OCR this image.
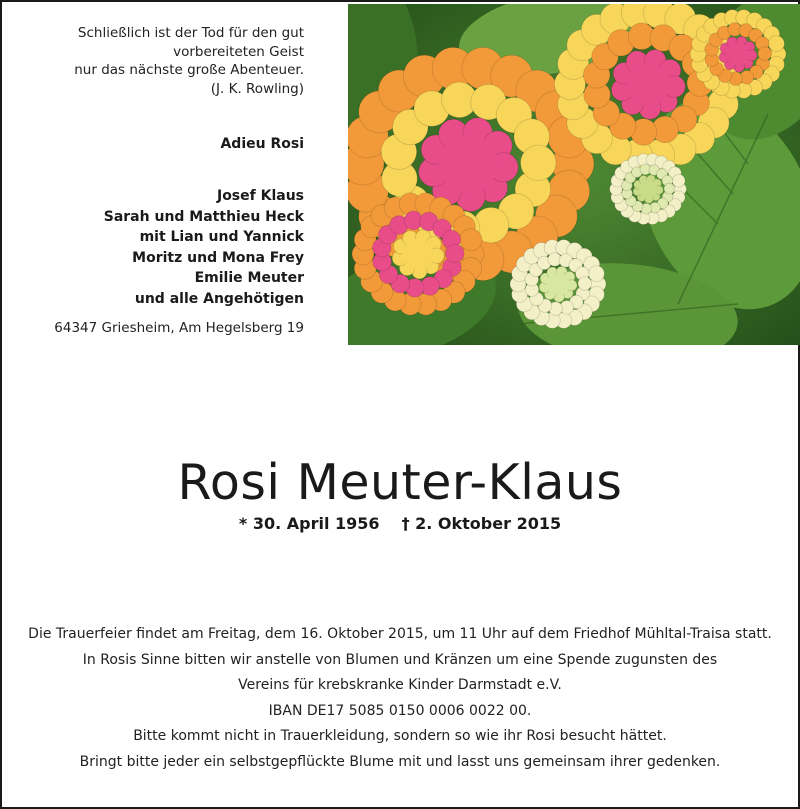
Schließlich ist der Tod für den gut
vorbereiteten Geist
nur das nächste große Abenteuer.
(J. K. Rowling)
Adieu Rosi
Josef Klaus
Sarah und Matthieu Heck
mit Lian und Yannick
Moritz und Mona Frey
Emilie Meuter
und alle Angehötigen
64347 Griesheim, Am Hegelsberg 19
Rosi Meuter-Klaus
* 30. April 1956 † 2. Oktober 2015
Die Trauerfeier findet am Freitag, dem 16. Oktober 2015, um 11 Uhr auf dem Friedhof Mühltal-Traisa statt.
In Rosis Sinne bitten wir anstelle von Blumen und Kränzen um eine Spende zugunsten des
Vereins für krebskranke Kinder Darmstadt e.V.
IBAN DE17 5085 0150 0006 0022 00.
Bitte kommt nicht in Trauerkleidung, sondern so wie ihr Rosi besucht hättet.
Bringt bitte jeder ein selbstgepflückte Blume mit und lasst uns gemeinsam ihrer gedenken.
